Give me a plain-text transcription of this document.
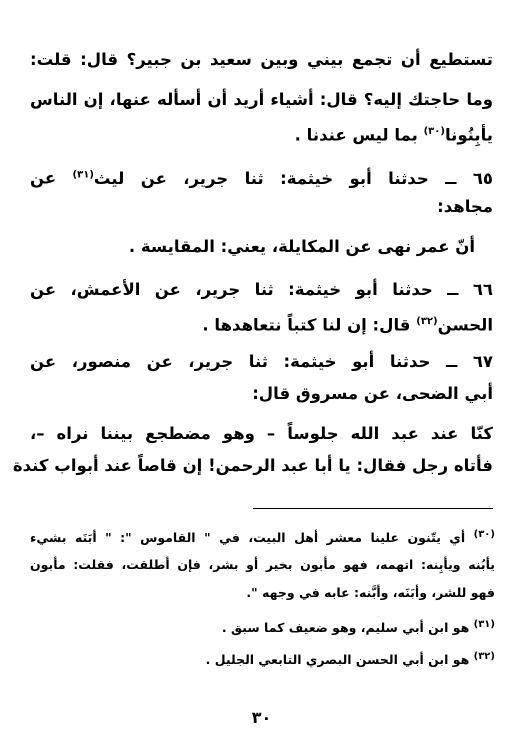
تستطيع أن تجمع بيني وبين سعيد بن جبير؟ قال: قلت:
وما حاجتك إليه؟ قال: أشياء أريد أن أسأله عنها، إن الناس
يأبِنُونا$^{(٣٠)}$ بما ليس عندنا .
٦٥ ــ حدثنا أبو خيثمة: ثنا جرير، عن ليث$^{(٣١)}$ عن
مجاهد:
أنّ عمر نهى عن المكايلة، يعني: المقايسة .
٦٦ ــ حدثنا أبو خيثمة: ثنا جرير، عن الأعمش، عن
الحسن$^{(٣٢)}$ قال: إن لنا كتباً نتعاهدها .
٦٧ ــ حدثنا أبو خيثمة: ثنا جرير، عن منصور، عن
أبي الضحى، عن مسروق قال:
كنّا عند عبد الله جلوساً – وهو مضطجع بيننا نراه –،
فأتاه رجل فقال: يا أبا عبد الرحمن! إن قاصاً عند أبواب كندة
$^{(٣٠)}$ أي يتّنون علينا معشر أهل البيت، في " القاموس ": " أبَنَه بشيء
يأبُنه ويأبِنه: اتهمه، فهو مأبون بخير أو بشر، فإن أطلقت، فقلت: مأبون
فهو للشر، وأبَنَه، وأبَّنه: عابه في وجهه ".
$^{(٣١)}$ هو ابن أبي سليم، وهو ضعيف كما سبق .
$^{(٣٢)}$ هو ابن أبي الحسن البصري التابعي الجليل .
٣٠
